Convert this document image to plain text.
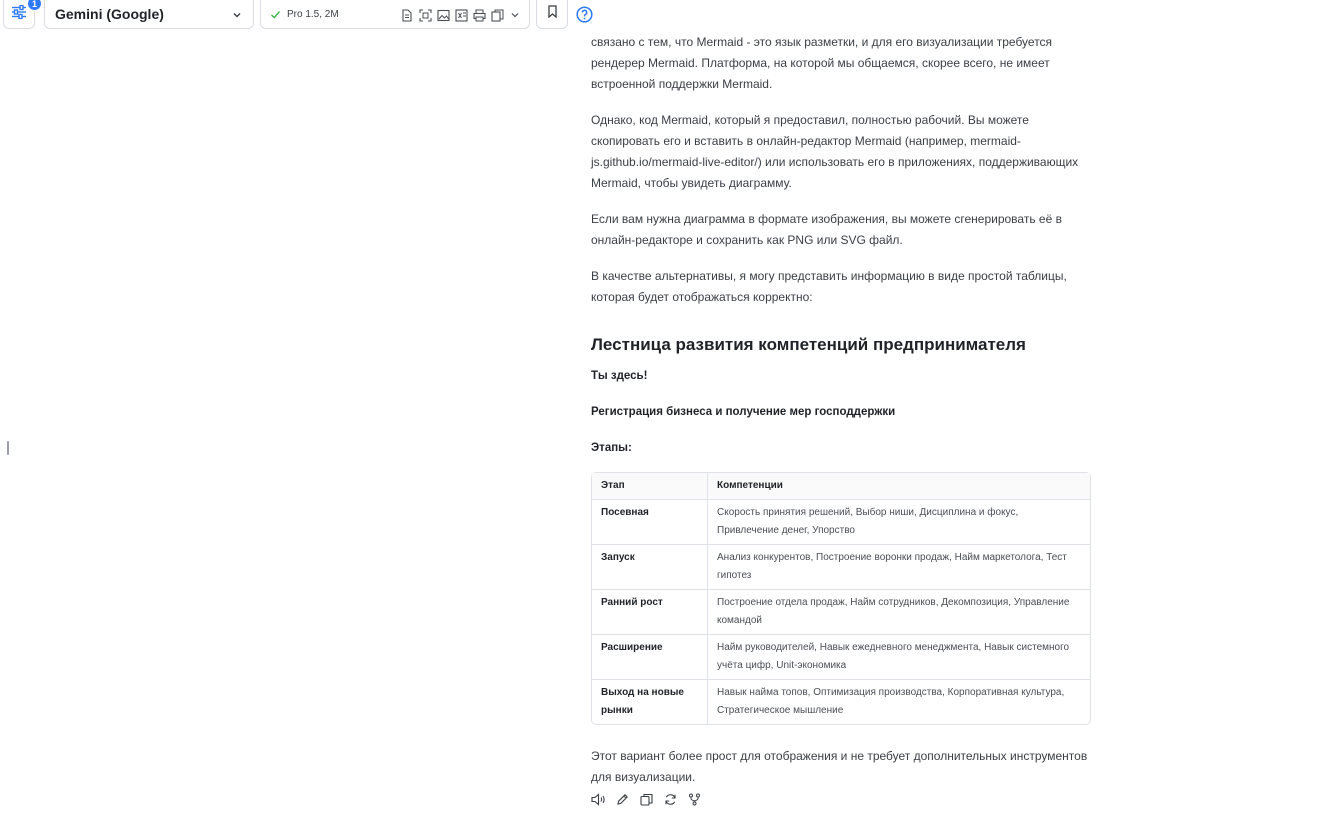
1
Gemini (Google)	Pro 1.5, 2M

связано с тем, что Mermaid - это язык разметки, и для его визуализации требуется рендерер Mermaid. Платформа, на которой мы общаемся, скорее всего, не имеет встроенной поддержки Mermaid.

Однако, код Mermaid, который я предоставил, полностью рабочий. Вы можете скопировать его и вставить в онлайн-редактор Mermaid (например, mermaid-js.github.io/mermaid-live-editor/) или использовать его в приложениях, поддерживающих Mermaid, чтобы увидеть диаграмму.

Если вам нужна диаграмма в формате изображения, вы можете сгенерировать её в онлайн-редакторе и сохранить как PNG или SVG файл.

В качестве альтернативы, я могу представить информацию в виде простой таблицы, которая будет отображаться корректно:

Лестница развития компетенций предпринимателя

Ты здесь!

Регистрация бизнеса и получение мер господдержки

Этапы:

Этап	Компетенции
Посевная	Скорость принятия решений, Выбор ниши, Дисциплина и фокус, Привлечение денег, Упорство
Запуск	Анализ конкурентов, Построение воронки продаж, Найм маркетолога, Тест гипотез
Ранний рост	Построение отдела продаж, Найм сотрудников, Декомпозиция, Управление командой
Расширение	Найм руководителей, Навык ежедневного менеджмента, Навык системного учёта цифр, Unit-экономика
Выход на новые рынки	Навык найма топов, Оптимизация производства, Корпоративная культура, Стратегическое мышление

Этот вариант более прост для отображения и не требует дополнительных инструментов для визуализации.
